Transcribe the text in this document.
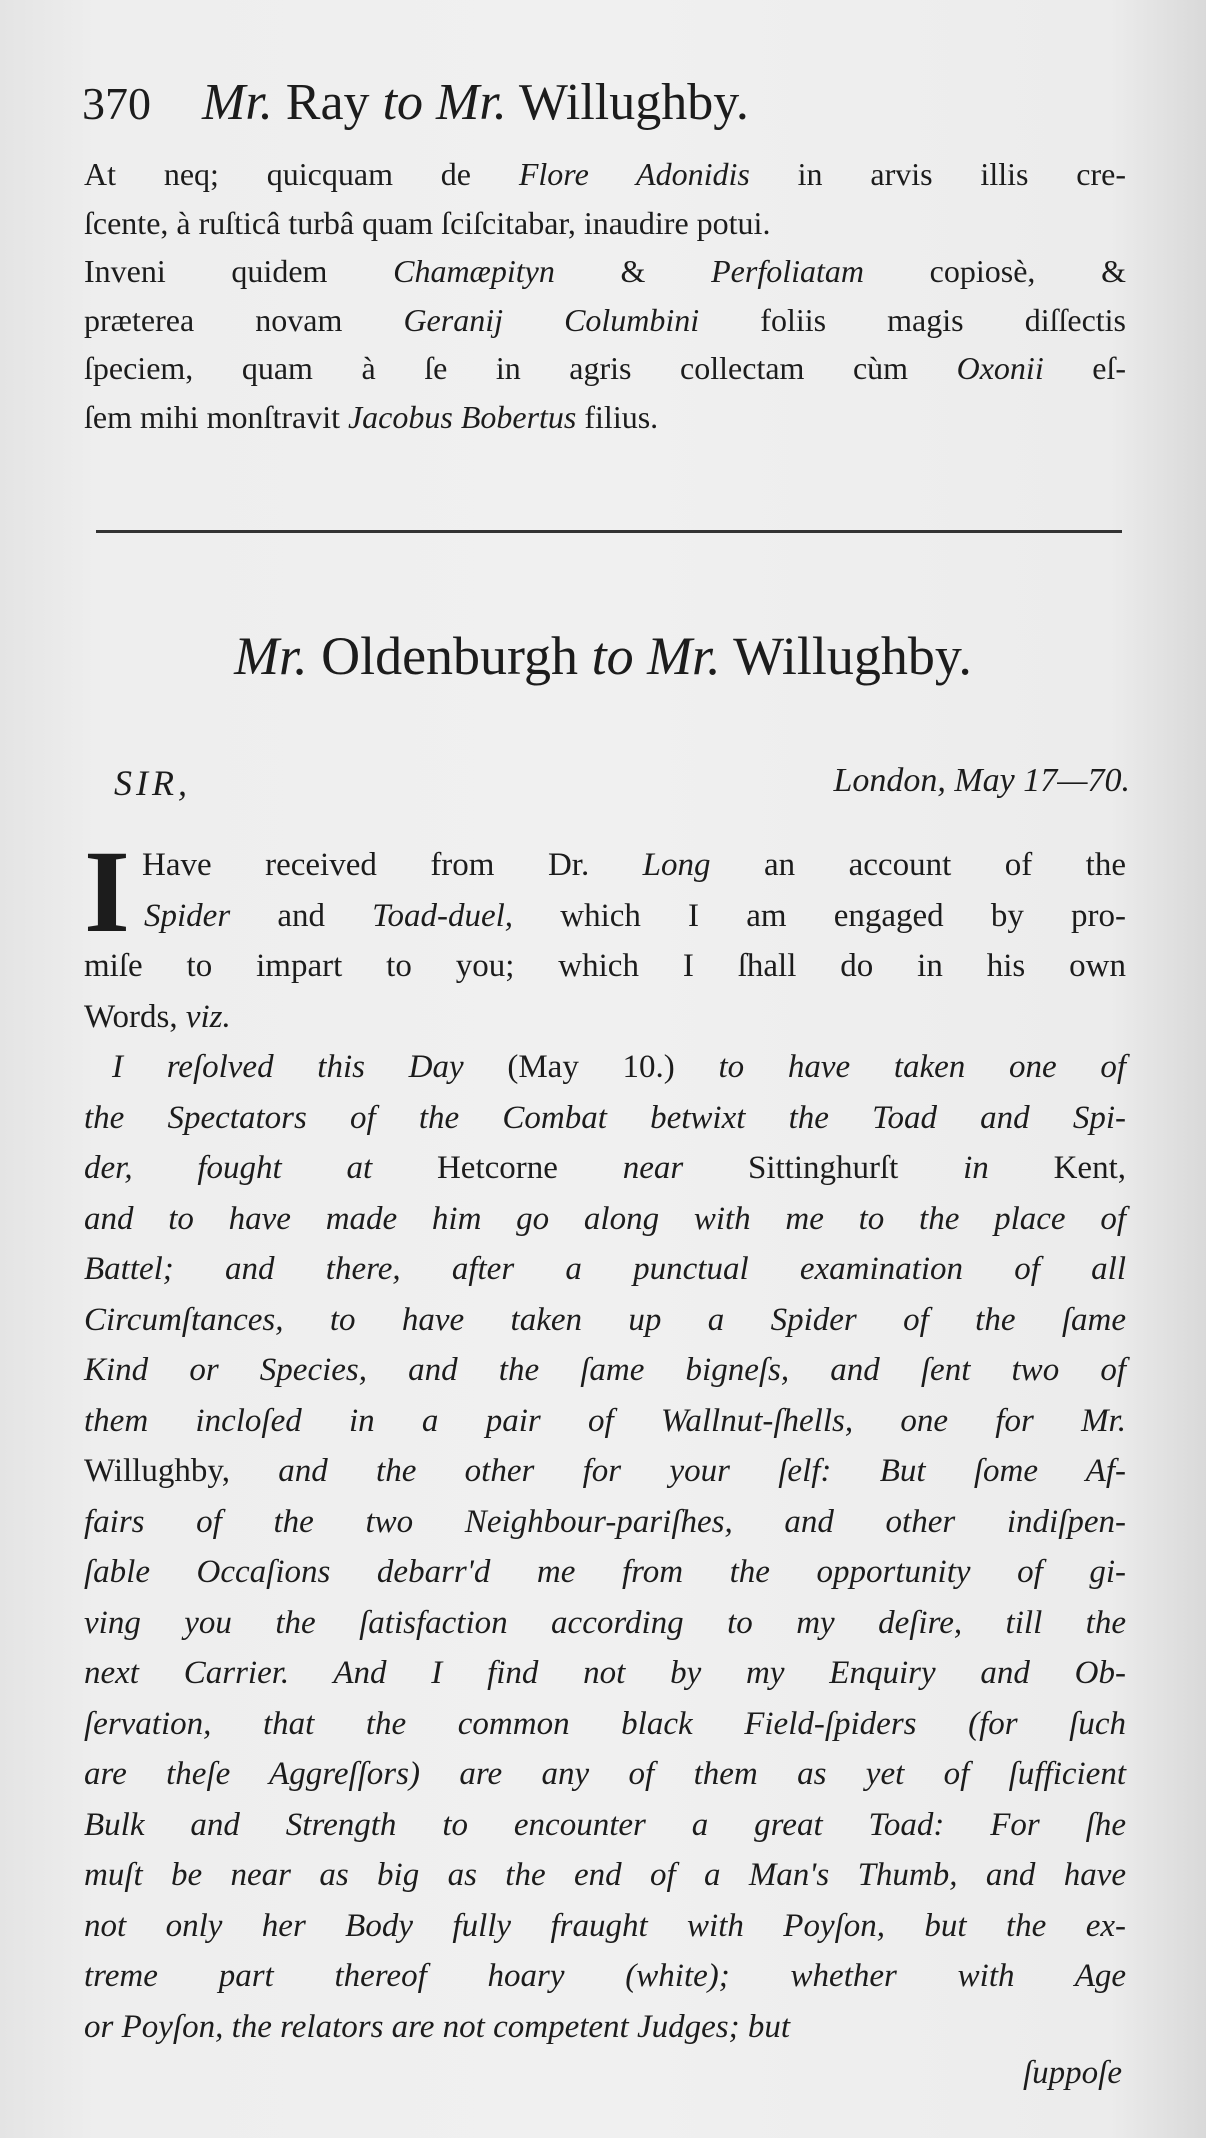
370 Mr. Ray to Mr. Willughby.
At neq; quicquam de Flore Adonidis in arvis illis cre-
ſcente, à ruſticâ turbâ quam ſciſcitabar, inaudire potui.
Inveni quidem Chamæpityn & Perfoliatam copiosè, &
præterea novam Geranij Columbini foliis magis diſſectis
ſpeciem, quam à ſe in agris collectam cùm Oxonii eſ-
ſem mihi monſtravit Jacobus Bobertus filius.
Mr. Oldenburgh to Mr. Willughby.
SIR,	London, May 17—70.
I Have received from Dr. Long an account of the
Spider and Toad-duel, which I am engaged by pro-
miſe to impart to you; which I ſhall do in his own
Words, viz.
I reſolved this Day (May 10.) to have taken one of
the Spectators of the Combat betwixt the Toad and Spi-
der, fought at Hetcorne near Sittinghurſt in Kent,
and to have made him go along with me to the place of
Battel; and there, after a punctual examination of all
Circumſtances, to have taken up a Spider of the ſame
Kind or Species, and the ſame bigneſs, and ſent two of
them incloſed in a pair of Wallnut-ſhells, one for Mr.
Willughby, and the other for your ſelf: But ſome Af-
fairs of the two Neighbour-pariſhes, and other indiſpen-
ſable Occaſions debarr'd me from the opportunity of gi-
ving you the ſatisfaction according to my deſire, till the
next Carrier. And I find not by my Enquiry and Ob-
ſervation, that the common black Field-ſpiders (for ſuch
are theſe Aggreſſors) are any of them as yet of ſufficient
Bulk and Strength to encounter a great Toad: For ſhe
muſt be near as big as the end of a Man's Thumb, and have
not only her Body fully fraught with Poyſon, but the ex-
treme part thereof hoary (white); whether with Age
or Poyſon, the relators are not competent Judges; but
ſuppoſe
